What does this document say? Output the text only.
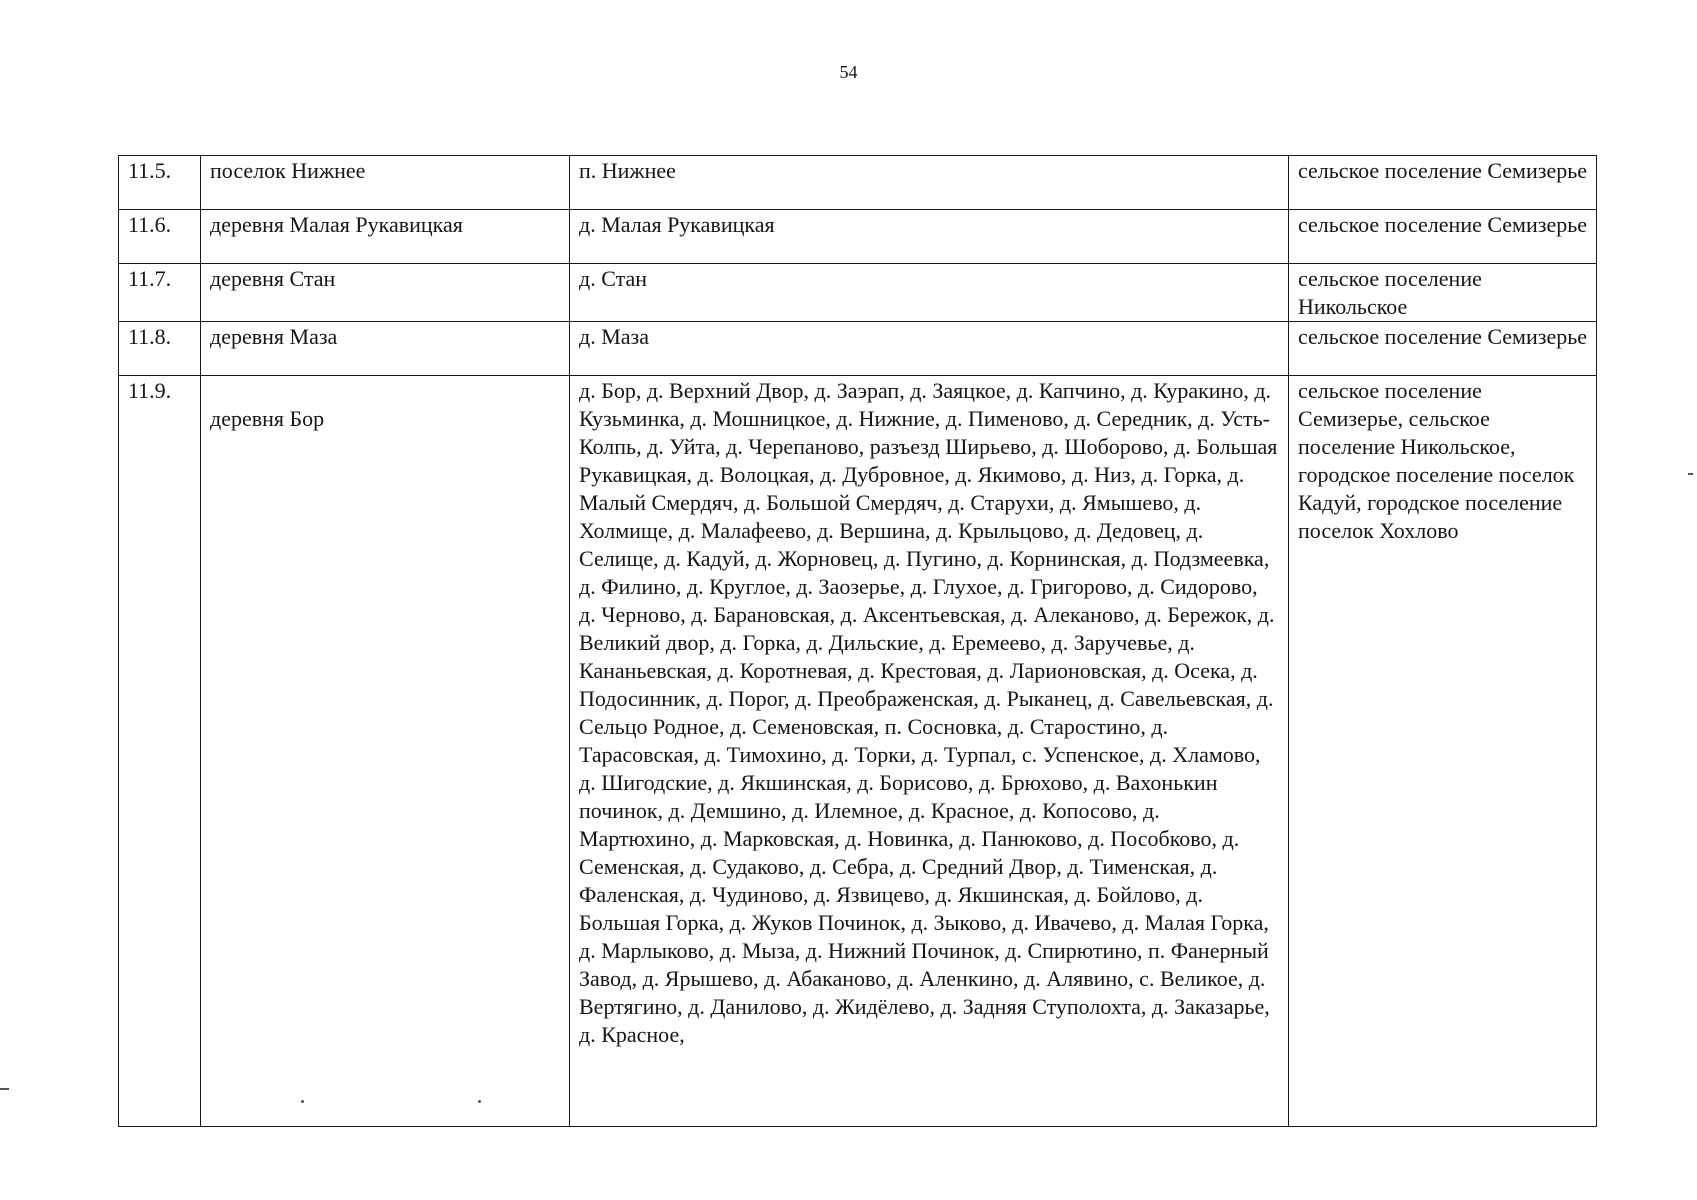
54
11.5.	поселок Нижнее	п. Нижнее	сельское поселение Семизерье
11.6.	деревня Малая Рукавицкая	д. Малая Рукавицкая	сельское поселение Семизерье
11.7.	деревня Стан	д. Стан	сельское поселение Никольское
11.8.	деревня Маза	д. Маза	сельское поселение Семизерье
11.9.	деревня Бор	д. Бор, д. Верхний Двор, д. Заэрап, д. Заяцкое, д. Капчино, д. Куракино, д. Кузьминка, д. Мошницкое, д. Нижние, д. Пименово, д. Середник, д. Усть-Колпь, д. Уйта, д. Черепаново, разъезд Ширьево, д. Шоборово, д. Большая Рукавицкая, д. Волоцкая, д. Дубровное, д. Якимово, д. Низ, д. Горка, д. Малый Смердяч, д. Большой Смердяч, д. Старухи, д. Ямышево, д. Холмище, д. Малафеево, д. Вершина, д. Крыльцово, д. Дедовец, д. Селище, д. Кадуй, д. Жорновец, д. Пугино, д. Корнинская, д. Подзмеевка, д. Филино, д. Круглое, д. Заозерье, д. Глухое, д. Григорово, д. Сидорово, д. Черново, д. Барановская, д. Аксентьевская, д. Алеканово, д. Бережок, д. Великий двор, д. Горка, д. Дильские, д. Еремеево, д. Заручевье, д. Кананьевская, д. Коротневая, д. Крестовая, д. Ларионовская, д. Осека, д. Подосинник, д. Порог, д. Преображенская, д. Рыканец, д. Савельевская, д. Сельцо Родное, д. Семеновская, п. Сосновка, д. Старостино, д. Тарасовская, д. Тимохино, д. Торки, д. Турпал, с. Успенское, д. Хламово, д. Шигодские, д. Якшинская, д. Борисово, д. Брюхово, д. Вахонькин починок, д. Демшино, д. Илемное, д. Красное, д. Копосово, д. Мартюхино, д. Марковская, д. Новинка, д. Панюково, д. Пособково, д. Семенская, д. Судаково, д. Себра, д. Средний Двор, д. Тименская, д. Фаленская, д. Чудиново, д. Язвицево, д. Якшинская, д. Бойлово, д. Большая Горка, д. Жуков Починок, д. Зыково, д. Ивачево, д. Малая Горка, д. Марлыково, д. Мыза, д. Нижний Починок, д. Спирютино, п. Фанерный Завод, д. Ярышево, д. Абаканово, д. Аленкино, д. Алявино, с. Великое, д. Вертягино, д. Данилово, д. Жидёлево, д. Задняя Ступолохта, д. Заказарье, д. Красное,	сельское поселение Семизерье, сельское поселение Никольское, городское поселение поселок Кадуй, городское поселение поселок Хохлово
